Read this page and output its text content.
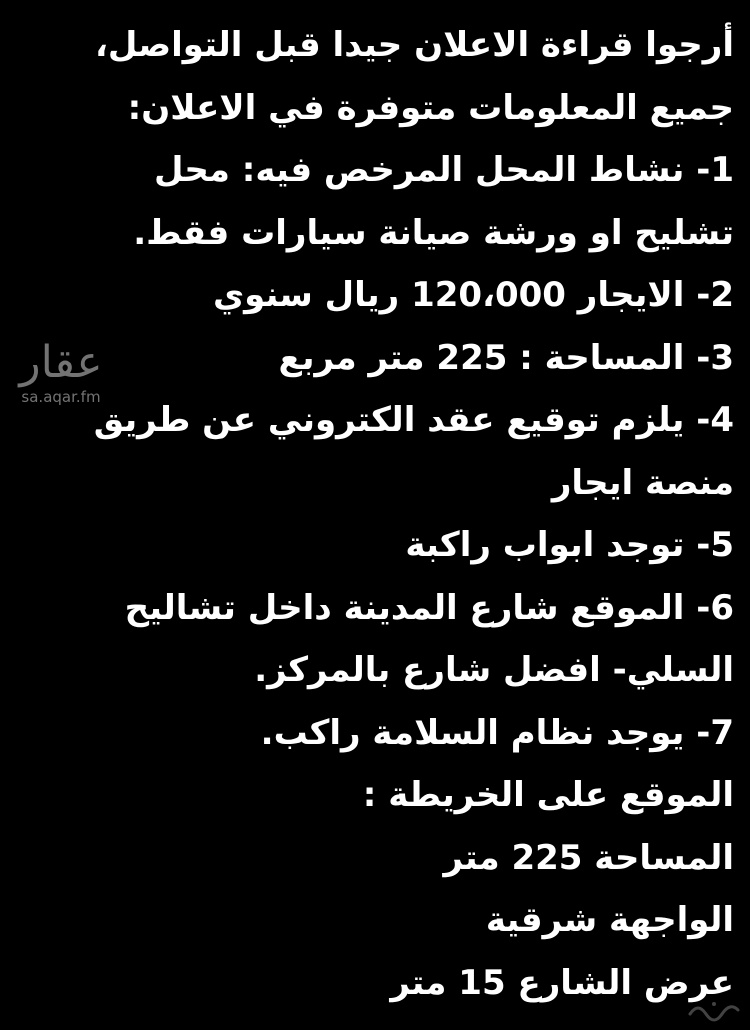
أرجوا قراءة الاعلان جيدا قبل التواصل،
جميع المعلومات متوفرة في الاعلان:
1- نشاط المحل المرخص فيه: محل
تشليح او ورشة صيانة سيارات فقط.
2- الايجار 120،000 ريال سنوي
3- المساحة : 225 متر مربع
4- يلزم توقيع عقد الكتروني عن طريق
منصة ايجار
5- توجد ابواب راكبة
6- الموقع شارع المدينة داخل تشاليح
السلي- افضل شارع بالمركز.
7- يوجد نظام السلامة راكب.
الموقع على الخريطة :
المساحة 225 متر
الواجهة شرقية
عرض الشارع 15 متر
عقار
sa.aqar.fm
